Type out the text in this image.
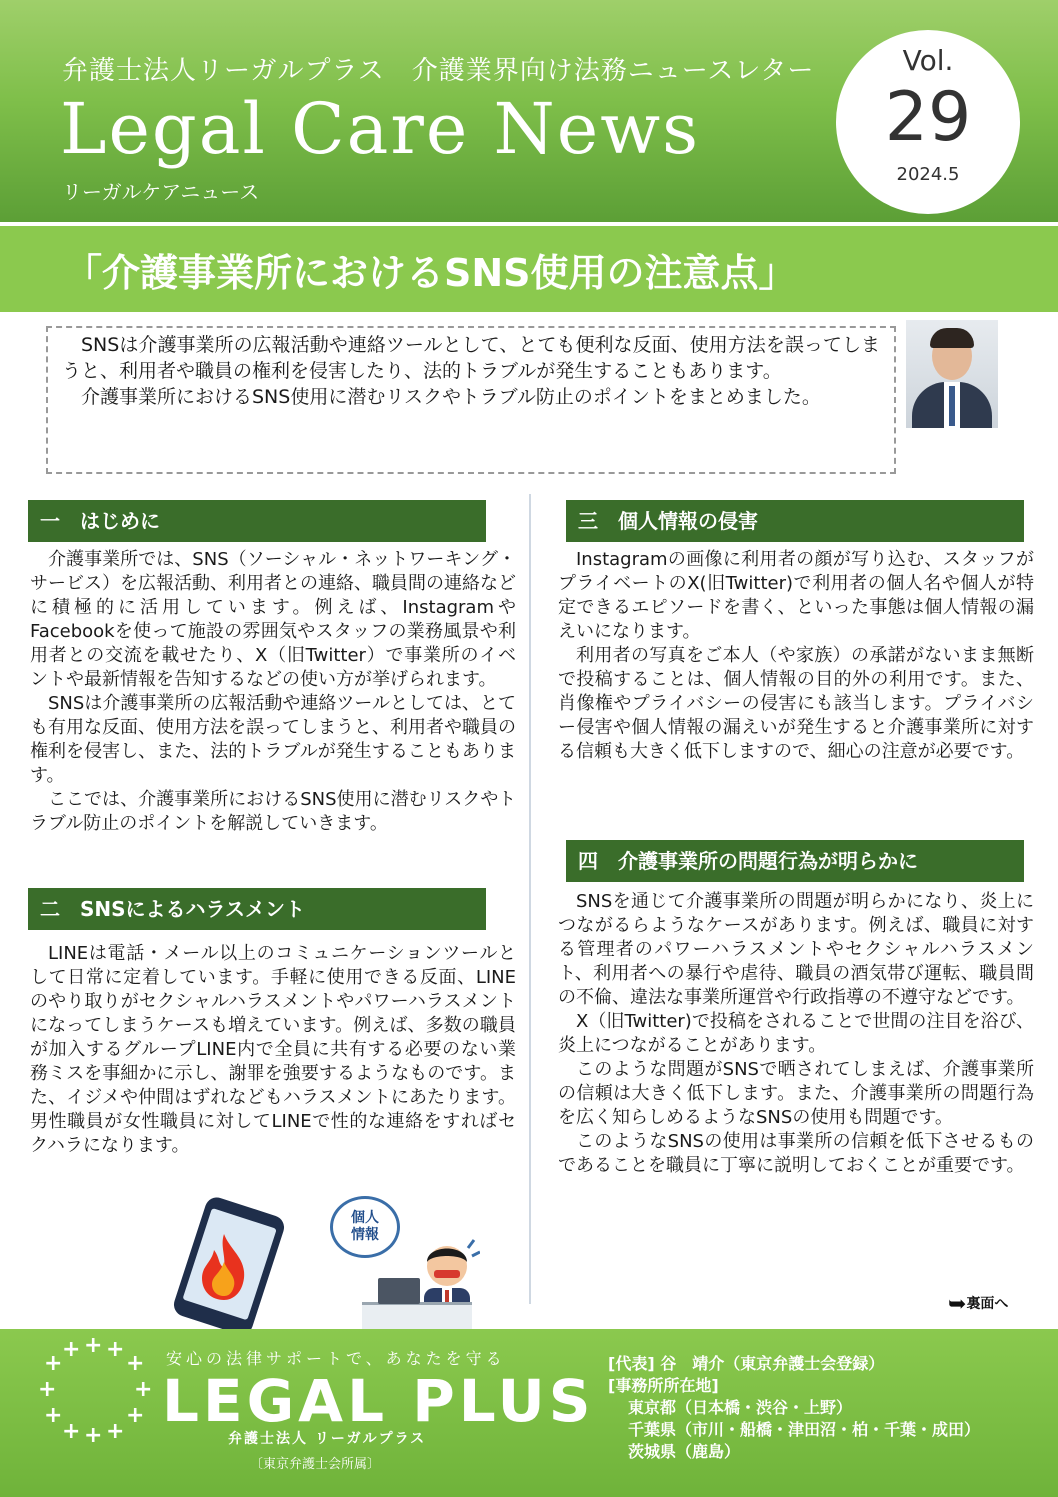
弁護士法人リーガルプラス　介護業界向け法務ニュースレター
Legal Care News
リーガルケアニュース
Vol.
29
2024.5
「介護事業所におけるSNS使用の注意点」

SNSは介護事業所の広報活動や連絡ツールとして、とても便利な反面、使用方法を誤ってしまうと、利用者や職員の権利を侵害したり、法的トラブルが発生することもあります。

介護事業所におけるSNS使用に潜むリスクやトラブル防止のポイントをまとめました。

一　はじめに

介護事業所では、SNS（ソーシャル・ネットワーキング・サービス）を広報活動、利用者との連絡、職員間の連絡などに積極的に活用しています。例えば、InstagramやFacebookを使って施設の雰囲気やスタッフの業務風景や利用者との交流を載せたり、X（旧Twitter）で事業所のイベントや最新情報を告知するなどの使い方が挙げられます。

SNSは介護事業所の広報活動や連絡ツールとしては、とても有用な反面、使用方法を誤ってしまうと、利用者や職員の権利を侵害し、また、法的トラブルが発生することもあります。

ここでは、介護事業所におけるSNS使用に潜むリスクやトラブル防止のポイントを解説していきます。

二　SNSによるハラスメント

LINEは電話・メール以上のコミュニケーションツールとして日常に定着しています。手軽に使用できる反面、LINEのやり取りがセクシャルハラスメントやパワーハラスメントになってしまうケースも増えています。例えば、多数の職員が加入するグループLINE内で全員に共有する必要のない業務ミスを事細かに示し、謝罪を強要するようなものです。また、イジメや仲間はずれなどもハラスメントにあたります。男性職員が女性職員に対してLINEで性的な連絡をすればセクハラになります。

三　個人情報の侵害

Instagramの画像に利用者の顔が写り込む、スタッフがプライベートのX(旧Twitter)で利用者の個人名や個人が特定できるエピソードを書く、といった事態は個人情報の漏えいになります。

利用者の写真をご本人（や家族）の承諾がないまま無断で投稿することは、個人情報の目的外の利用です。また、肖像権やプライバシーの侵害にも該当します。プライバシー侵害や個人情報の漏えいが発生すると介護事業所に対する信頼も大きく低下しますので、細心の注意が必要です。

四　介護事業所の問題行為が明らかに

SNSを通じて介護事業所の問題が明らかになり、炎上につながるらようなケースがあります。例えば、職員に対する管理者のパワーハラスメントやセクシャルハラスメント、利用者への暴行や虐待、職員の酒気帯び運転、職員間の不倫、違法な事業所運営や行政指導の不遵守などです。

X（旧Twitter)で投稿をされることで世間の注目を浴び、炎上につながることがあります。

このような問題がSNSで晒されてしまえば、介護事業所の信頼は大きく低下します。また、介護事業所の問題行為を広く知らしめるようなSNSの使用も問題です。

このようなSNSの使用は事業所の信頼を低下させるものであることを職員に丁寧に説明しておくことが重要です。

個人
情報
➥裏面へ
+ + +
+
+
+	+
+	+
+ + +
安心の法律サポートで、あなたを守る
LEGAL PLUS
弁護士法人 リーガルプラス
〔東京弁護士会所属〕
[代表] 谷　靖介（東京弁護士会登録）
[事務所所在地]
東京都（日本橋・渋谷・上野）
千葉県（市川・船橋・津田沼・柏・千葉・成田）
茨城県（鹿島）
